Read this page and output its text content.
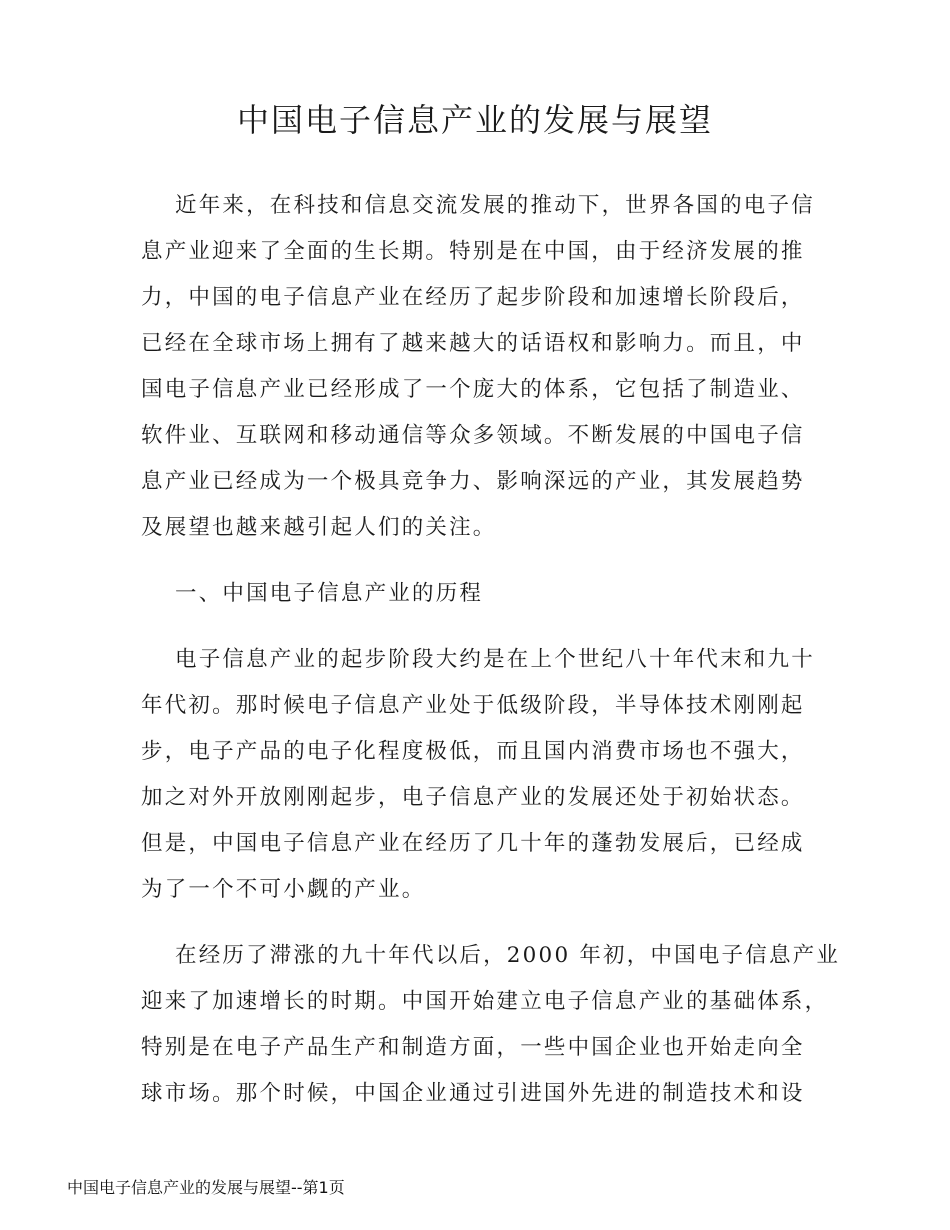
中国电子信息产业的发展与展望
近年来，在科技和信息交流发展的推动下，世界各国的电子信
息产业迎来了全面的生长期。特别是在中国，由于经济发展的推
力，中国的电子信息产业在经历了起步阶段和加速增长阶段后，
已经在全球市场上拥有了越来越大的话语权和影响力。而且，中
国电子信息产业已经形成了一个庞大的体系，它包括了制造业、
软件业、互联网和移动通信等众多领域。不断发展的中国电子信
息产业已经成为一个极具竞争力、影响深远的产业，其发展趋势
及展望也越来越引起人们的关注。
一、中国电子信息产业的历程
电子信息产业的起步阶段大约是在上个世纪八十年代末和九十
年代初。那时候电子信息产业处于低级阶段，半导体技术刚刚起
步，电子产品的电子化程度极低，而且国内消费市场也不强大，
加之对外开放刚刚起步，电子信息产业的发展还处于初始状态。
但是，中国电子信息产业在经历了几十年的蓬勃发展后，已经成
为了一个不可小觑的产业。
在经历了滞涨的九十年代以后，2000 年初，中国电子信息产业
迎来了加速增长的时期。中国开始建立电子信息产业的基础体系，
特别是在电子产品生产和制造方面，一些中国企业也开始走向全
球市场。那个时候，中国企业通过引进国外先进的制造技术和设
中国电子信息产业的发展与展望--第1页
